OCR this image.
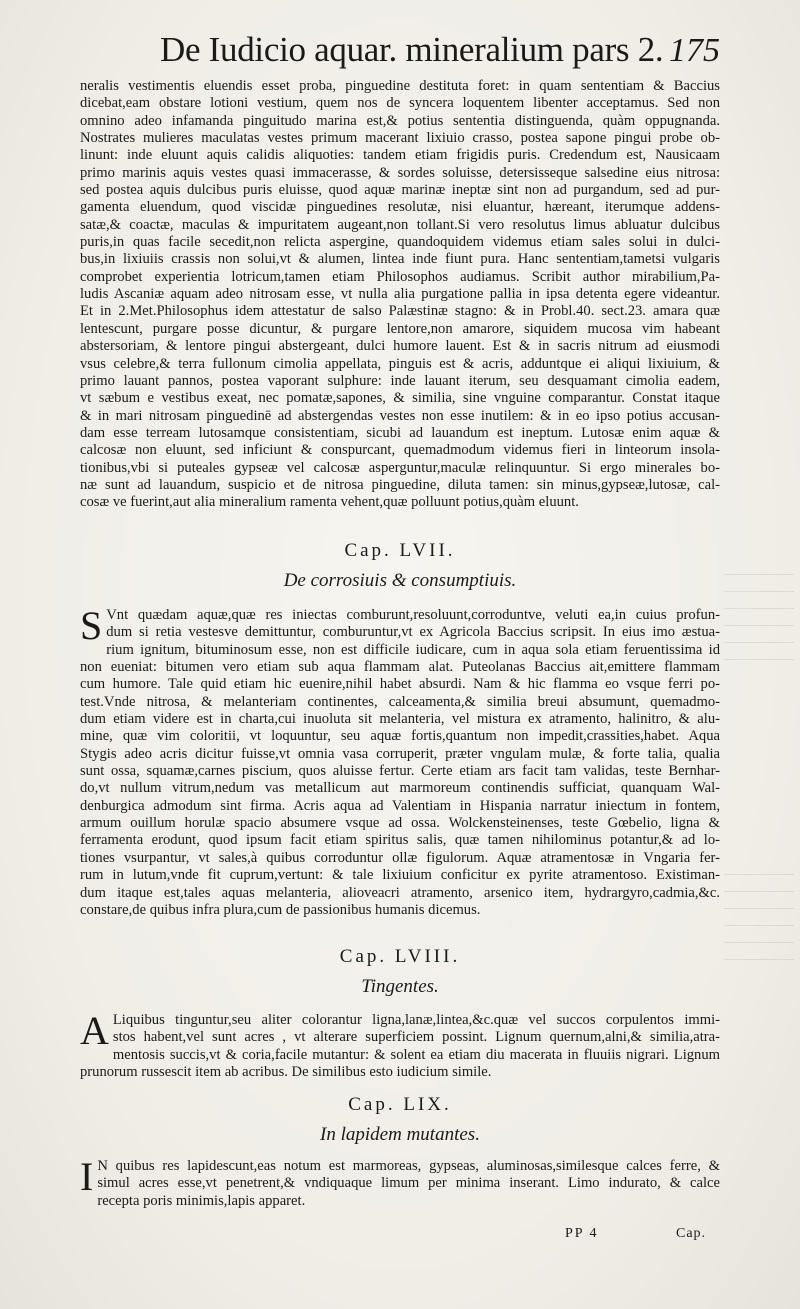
De Iudicio aquar. mineralium pars 2. 175
neralis vestimentis eluendis esset proba, pinguedine destituta foret: in quam sententiam & Baccius
dicebat,eam obstare lotioni vestium, quem nos de syncera loquentem libenter acceptamus. Sed non
omnino adeo infamanda pinguitudo marina est,& potius sententia distinguenda, quàm oppugnanda.
Nostrates mulieres maculatas vestes primum macerant lixiuio crasso, postea sapone pingui probe ob-
linunt: inde eluunt aquis calidis aliquoties: tandem etiam frigidis puris. Credendum est, Nausicaam
primo marinis aquis vestes quasi immacerasse, & sordes soluisse, detersisseque salsedine eius nitrosa:
sed postea aquis dulcibus puris eluisse, quod aquæ marinæ ineptæ sint non ad purgandum, sed ad pur-
gamenta eluendum, quod viscidæ pinguedines resolutæ, nisi eluantur, hæreant, iterumque addens-
satæ,& coactæ, maculas & impuritatem augeant,non tollant.Si vero resolutus limus abluatur dulcibus
puris,in quas facile secedit,non relicta aspergine, quandoquidem videmus etiam sales solui in dulci-
bus,in lixiuiis crassis non solui,vt & alumen, lintea inde fiunt pura. Hanc sententiam,tametsi vulgaris
comprobet experientia lotricum,tamen etiam Philosophos audiamus. Scribit author mirabilium,Pa-
ludis Ascaniæ aquam adeo nitrosam esse, vt nulla alia purgatione pallia in ipsa detenta egere videantur.
Et in 2.Met.Philosophus idem attestatur de salso Palæstinæ stagno: & in Probl.40. sect.23. amara quæ
lentescunt, purgare posse dicuntur, & purgare lentore,non amarore, siquidem mucosa vim habeant
abstersoriam, & lentore pingui abstergeant, dulci humore lauent. Est & in sacris nitrum ad eiusmodi
vsus celebre,& terra fullonum cimolia appellata, pinguis est & acris, adduntque ei aliqui lixiuium, &
primo lauant pannos, postea vaporant sulphure: inde lauant iterum, seu desquamant cimolia eadem,
vt sæbum e vestibus exeat, nec pomatæ,sapones, & similia, sine vnguine comparantur. Constat itaque
& in mari nitrosam pinguedinē ad abstergendas vestes non esse inutilem: & in eo ipso potius accusan-
dam esse terream lutosamque consistentiam, sicubi ad lauandum est ineptum. Lutosæ enim aquæ &
calcosæ non eluunt, sed inficiunt & conspurcant, quemadmodum videmus fieri in linteorum insola-
tionibus,vbi si puteales gypseæ vel calcosæ asperguntur,maculæ relinquuntur. Si ergo minerales bo-
næ sunt ad lauandum, suspicio et de nitrosa pinguedine, diluta tamen: sin minus,gypseæ,lutosæ, cal-
cosæ ve fuerint,aut alia mineralium ramenta vehent,quæ polluunt potius,quàm eluunt.
Cap. LVII.
De corrosiuis & consumptiuis.
S Vnt quædam aquæ,quæ res iniectas comburunt,resoluunt,corroduntve, veluti ea,in cuius profun-
dum si retia vestesve demittuntur, comburuntur,vt ex Agricola Baccius scripsit. In eius imo æstua-
rium ignitum, bituminosum esse, non est difficile iudicare, cum in aqua sola etiam feruentissima id
non eueniat: bitumen vero etiam sub aqua flammam alat. Puteolanas Baccius ait,emittere flammam
cum humore. Tale quid etiam hic euenire,nihil habet absurdi. Nam & hic flamma eo vsque ferri po-
test.Vnde nitrosa, & melanteriam continentes, calceamenta,& similia breui absumunt, quemadmo-
dum etiam videre est in charta,cui inuoluta sit melanteria, vel mistura ex atramento, halinitro, & alu-
mine, quæ vim coloritii, vt loquuntur, seu aquæ fortis,quantum non impedit,crassities,habet. Aqua
Stygis adeo acris dicitur fuisse,vt omnia vasa corruperit, præter vngulam mulæ, & forte talia, qualia
sunt ossa, squamæ,carnes piscium, quos aluisse fertur. Certe etiam ars facit tam validas, teste Bernhar-
do,vt nullum vitrum,nedum vas metallicum aut marmoreum continendis sufficiat, quanquam Wal-
denburgica admodum sint firma. Acris aqua ad Valentiam in Hispania narratur iniectum in fontem,
armum ouillum horulæ spacio absumere vsque ad ossa. Wolckensteinenses, teste Gœbelio, ligna &
ferramenta erodunt, quod ipsum facit etiam spiritus salis, quæ tamen nihilominus potantur,& ad lo-
tiones vsurpantur, vt sales,à quibus corroduntur ollæ figulorum. Aquæ atramentosæ in Vngaria fer-
rum in lutum,vnde fit cuprum,vertunt: & tale lixiuium conficitur ex pyrite atramentoso. Existiman-
dum itaque est,tales aquas melanteria, alioveacri atramento, arsenico item, hydrargyro,cadmia,&c.
constare,de quibus infra plura,cum de passionibus humanis dicemus.
Cap. LVIII.
Tingentes.
A Liquibus tinguntur,seu aliter colorantur ligna,lanæ,lintea,&c.quæ vel succos corpulentos immi-
stos habent,vel sunt acres , vt alterare superficiem possint. Lignum quernum,alni,& similia,atra-
mentosis succis,vt & coria,facile mutantur: & solent ea etiam diu macerata in fluuiis nigrari. Lignum
prunorum russescit item ab acribus. De similibus esto iudicium simile.
Cap. LIX.
In lapidem mutantes.
I N quibus res lapidescunt,eas notum est marmoreas, gypseas, aluminosas,similesque calces ferre, &
simul acres esse,vt penetrent,& vndiquaque limum per minima inserant. Limo indurato, & calce
recepta poris minimis,lapis apparet.
PP 4	Cap.
